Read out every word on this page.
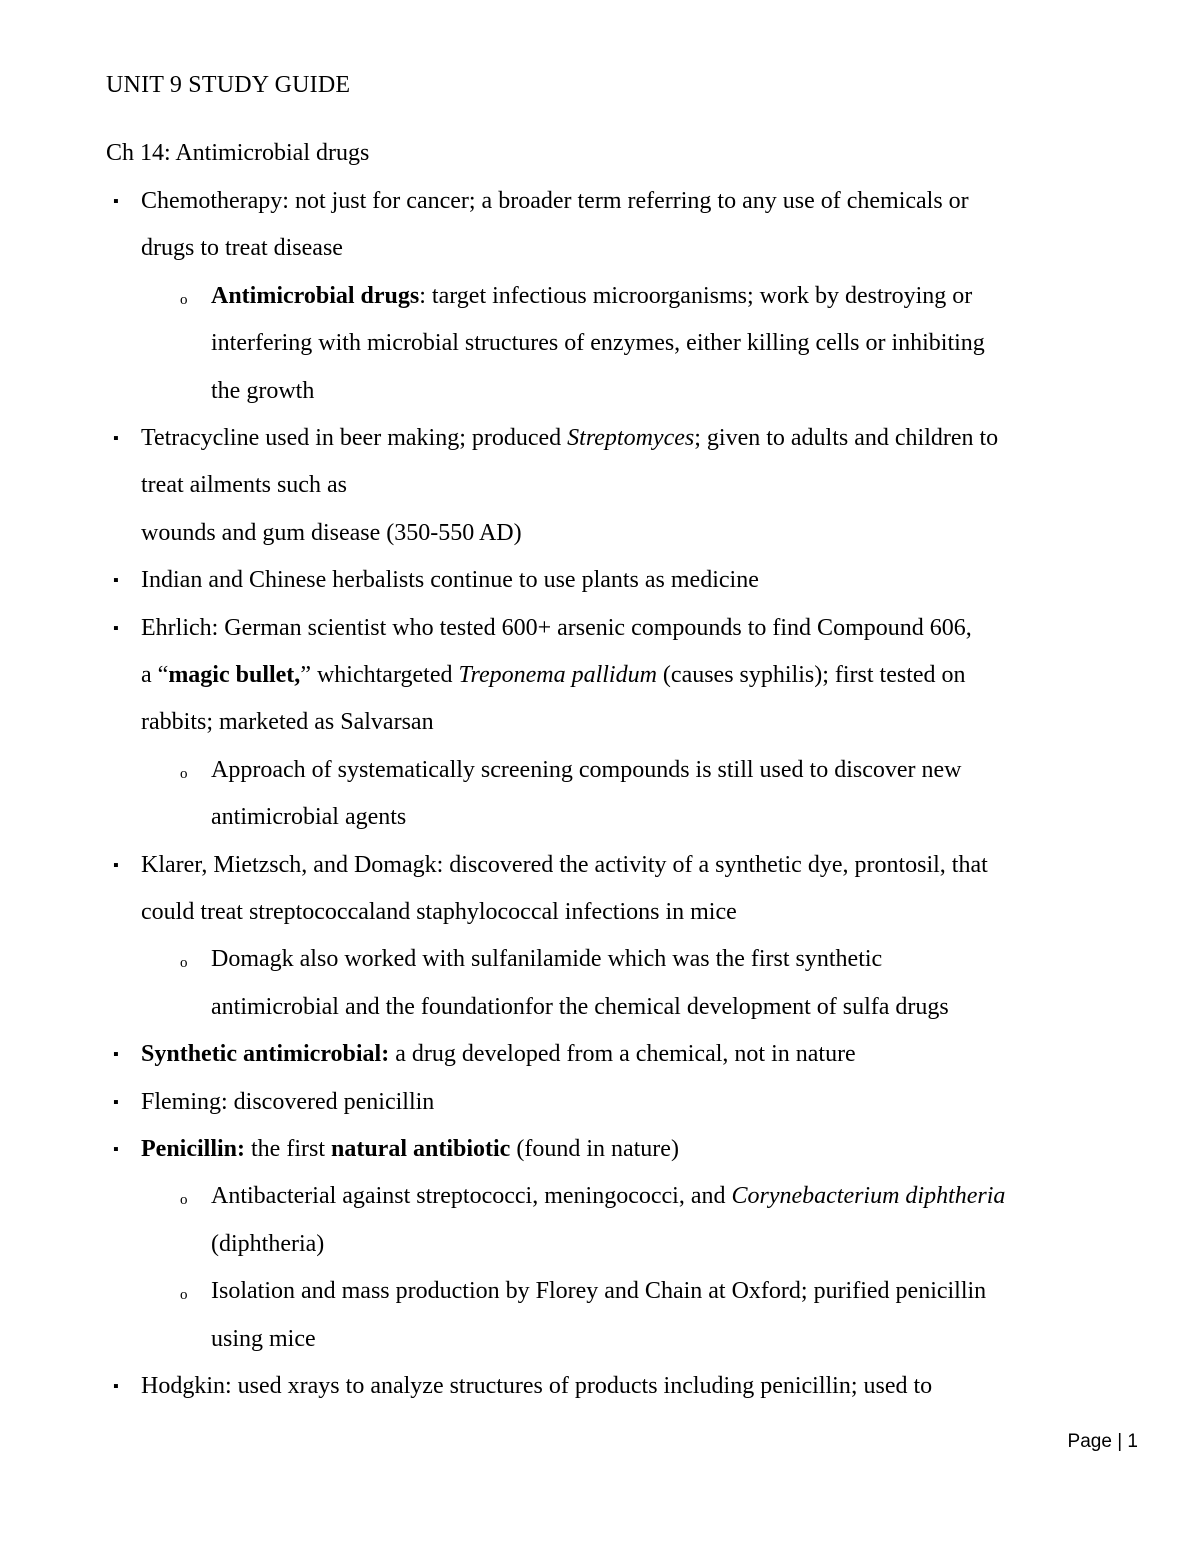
UNIT 9 STUDY GUIDE
Ch 14: Antimicrobial drugs
▪ Chemotherapy: not just for cancer; a broader term referring to any use of chemicals or
drugs to treat disease
o Antimicrobial drugs: target infectious microorganisms; work by destroying or
interfering with microbial structures of enzymes, either killing cells or inhibiting
the growth
▪ Tetracycline used in beer making; produced Streptomyces; given to adults and children to
treat ailments such as
wounds and gum disease (350-550 AD)
▪ Indian and Chinese herbalists continue to use plants as medicine
▪ Ehrlich: German scientist who tested 600+ arsenic compounds to find Compound 606,
a “magic bullet,” whichtargeted Treponema pallidum (causes syphilis); first tested on
rabbits; marketed as Salvarsan
o Approach of systematically screening compounds is still used to discover new
antimicrobial agents
▪ Klarer, Mietzsch, and Domagk: discovered the activity of a synthetic dye, prontosil, that
could treat streptococcaland staphylococcal infections in mice
o Domagk also worked with sulfanilamide which was the first synthetic
antimicrobial and the foundationfor the chemical development of sulfa drugs
▪ Synthetic antimicrobial: a drug developed from a chemical, not in nature
▪ Fleming: discovered penicillin
▪ Penicillin: the first natural antibiotic (found in nature)
o Antibacterial against streptococci, meningococci, and Corynebacterium diphtheria
(diphtheria)
o Isolation and mass production by Florey and Chain at Oxford; purified penicillin
using mice
▪ Hodgkin: used xrays to analyze structures of products including penicillin; used to
Page | 1
